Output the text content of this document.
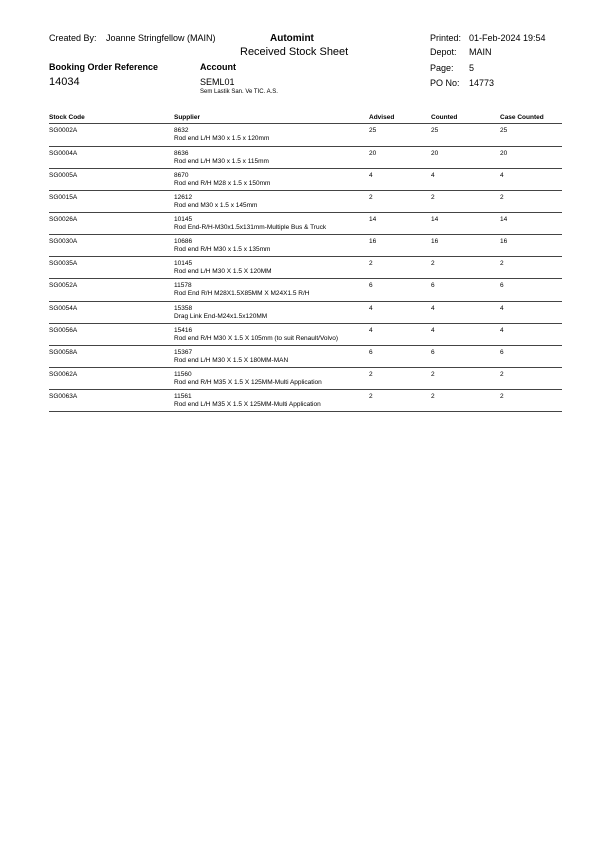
Created By: Joanne Stringfellow (MAIN)	Automint
Received Stock Sheet
Printed: 01-Feb-2024 19:54
Depot: MAIN
Page: 5
PO No: 14773
Booking Order Reference
14034
Account
SEML01
Sem Lastik San. Ve TIC. A.S.
Stock Code	Supplier	Advised	Counted	Case Counted
SG0002A	8632
Rod end L/H M30 x 1.5 x 120mm
25	25	25
SG0004A	8636
Rod end L/H M30 x 1.5 x 115mm
20	20	20
SG0005A	8670
Rod end R/H M28 x 1.5 x 150mm
4	4	4
SG0015A	12612
Rod end M30 x 1.5 x 145mm
2	2	2
SG0026A	10145
Rod End-R/H-M30x1.5x131mm-Multiple Bus & Truck
14	14	14
SG0030A	10686
Rod end R/H M30 x 1.5 x 135mm
16	16	16
SG0035A	10145
Rod end L/H M30 X 1.5 X 120MM
2	2	2
SG0052A	11578
Rod End R/H M28X1.5X85MM X M24X1.5 R/H
6	6	6
SG0054A	15358
Drag Link End-M24x1.5x120MM
4	4	4
SG0056A	15416
Rod end R/H M30 X 1.5 X 105mm (to suit Renault/Volvo)
4	4	4
SG0058A	15367
Rod end L/H M30 X 1.5 X 180MM-MAN
6	6	6
SG0062A	11560
Rod end R/H M35 X 1.5 X 125MM-Multi Application
2	2	2
SG0063A	11561
Rod end L/H M35 X 1.5 X 125MM-Multi Application
2	2	2
